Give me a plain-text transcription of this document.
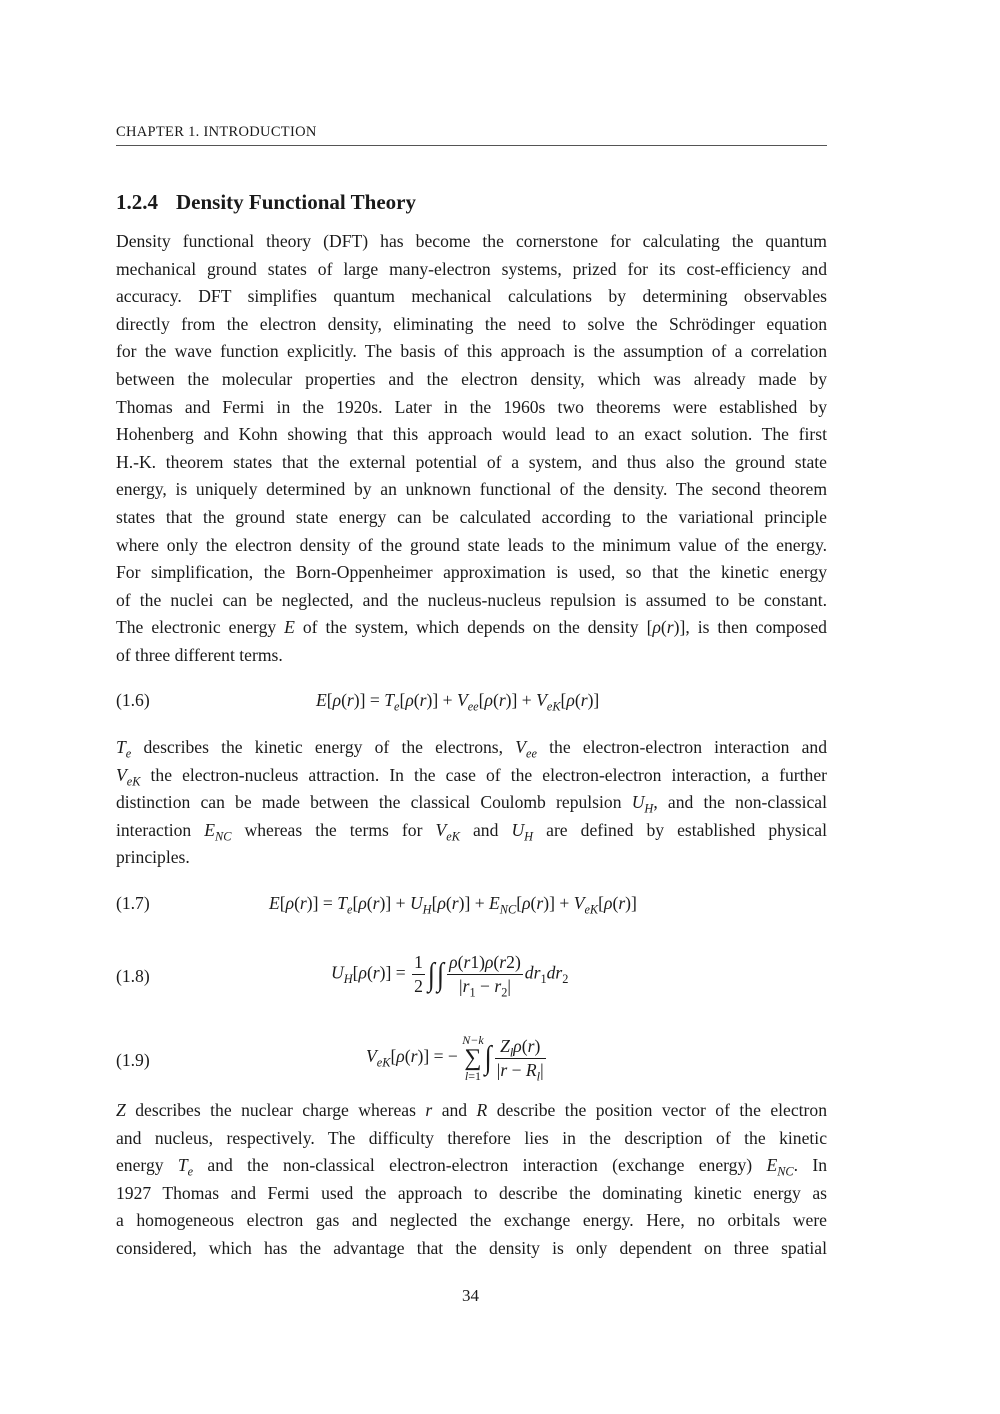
CHAPTER 1. INTRODUCTION
1.2.4 Density Functional Theory
Density functional theory (DFT) has become the cornerstone for calculating the quantum
mechanical ground states of large many-electron systems, prized for its cost-efficiency and
accuracy. DFT simplifies quantum mechanical calculations by determining observables
directly from the electron density, eliminating the need to solve the Schrödinger equation
for the wave function explicitly. The basis of this approach is the assumption of a correlation
between the molecular properties and the electron density, which was already made by
Thomas and Fermi in the 1920s. Later in the 1960s two theorems were established by
Hohenberg and Kohn showing that this approach would lead to an exact solution. The first
H.-K. theorem states that the external potential of a system, and thus also the ground state
energy, is uniquely determined by an unknown functional of the density. The second theorem
states that the ground state energy can be calculated according to the variational principle
where only the electron density of the ground state leads to the minimum value of the energy.
For simplification, the Born-Oppenheimer approximation is used, so that the kinetic energy
of the nuclei can be neglected, and the nucleus-nucleus repulsion is assumed to be constant.
The electronic energy E of the system, which depends on the density [ρ(r)], is then composed
of three different terms.
(1.6)	$E[\rho(r)] = T_e[\rho(r)] + V_{ee}[\rho(r)] + V_{eK}[\rho(r)]$
$T_e$ describes the kinetic energy of the electrons, $V_{ee}$ the electron-electron interaction and
$V_{eK}$ the electron-nucleus attraction. In the case of the electron-electron interaction, a further
distinction can be made between the classical Coulomb repulsion $U_H$, and the non-classical
interaction $E_{NC}$ whereas the terms for $V_{eK}$ and $U_H$ are defined by established physical
principles.
(1.7)	$E[\rho(r)] = T_e[\rho(r)] + U_H[\rho(r)] + E_{NC}[\rho(r)] + V_{eK}[\rho(r)]$
(1.8)	$U_H[\rho(r)] = \frac{1}{2}$ ∫∫ $\frac{\rho(r1)\rho(r2)}{|r_1 - r_2|} dr_1dr_2$
(1.9)	$V_{eK}[\rho(r)]$ = −
N−k
∑
l=1
∫ $\frac{Z_l\rho(r)}{|r - R_l|}$
Z describes the nuclear charge whereas r and R describe the position vector of the electron
and nucleus, respectively. The difficulty therefore lies in the description of the kinetic
energy $T_e$ and the non-classical electron-electron interaction (exchange energy) $E_{NC}$. In
1927 Thomas and Fermi used the approach to describe the dominating kinetic energy as
a homogeneous electron gas and neglected the exchange energy. Here, no orbitals were
considered, which has the advantage that the density is only dependent on three spatial
34
